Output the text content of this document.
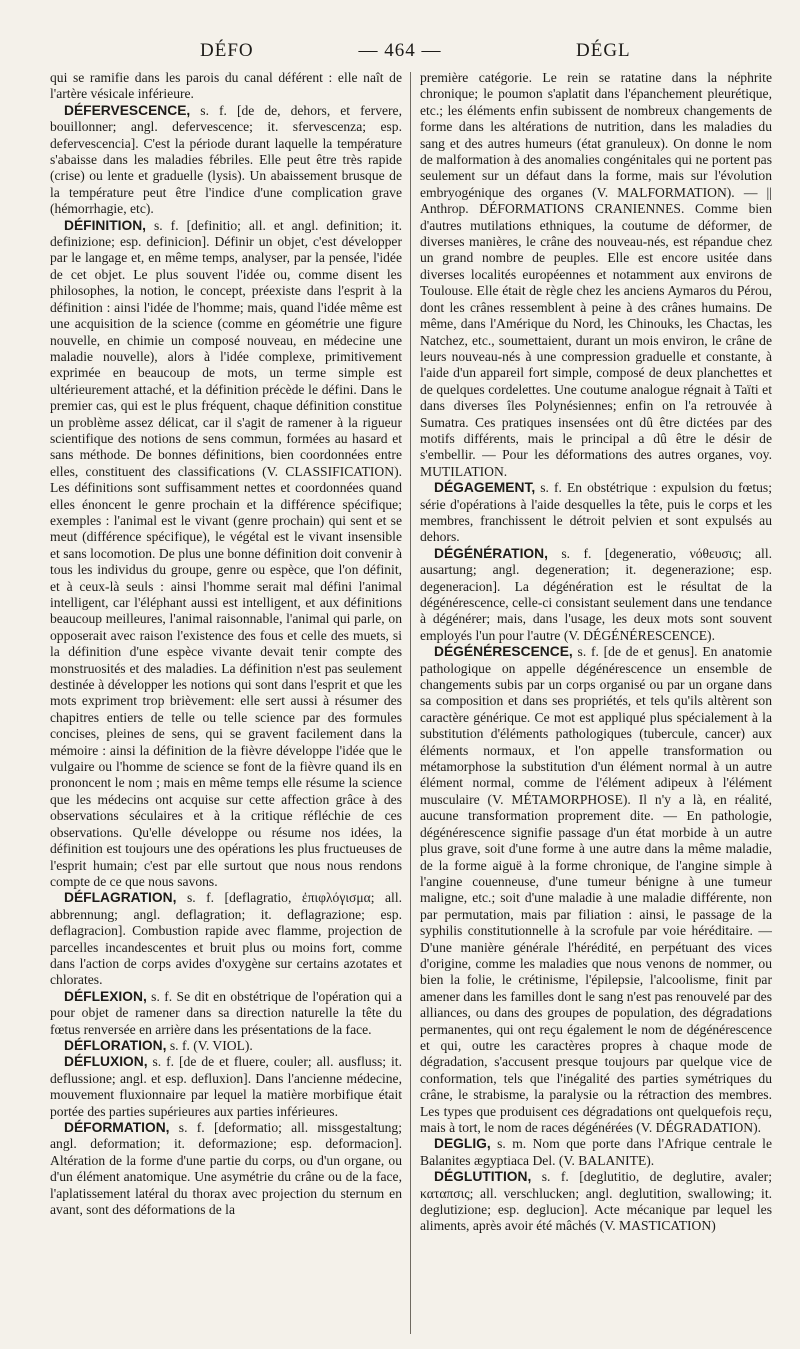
DÉFO	— 464 —	DÉGL

qui se ramifie dans les parois du canal déférent : elle naît de l'artère vésicale inférieure.

DÉFERVESCENCE, s. f. [de de, dehors, et fervere, bouillonner; angl. defervescence; it. sfervescenza; esp. defervescencia]. C'est la période durant laquelle la température s'abaisse dans les maladies fébriles. Elle peut être très rapide (crise) ou lente et graduelle (lysis). Un abaissement brusque de la température peut être l'indice d'une complication grave (hémorrhagie, etc).

DÉFINITION, s. f. [definitio; all. et angl. definition; it. definizione; esp. definicion]. Définir un objet, c'est développer par le langage et, en même temps, analyser, par la pensée, l'idée de cet objet. Le plus souvent l'idée ou, comme disent les philosophes, la notion, le concept, préexiste dans l'esprit à la définition : ainsi l'idée de l'homme; mais, quand l'idée même est une acquisition de la science (comme en géométrie une figure nouvelle, en chimie un composé nouveau, en médecine une maladie nouvelle), alors à l'idée complexe, primitivement exprimée en beaucoup de mots, un terme simple est ultérieurement attaché, et la définition précède le défini. Dans le premier cas, qui est le plus fréquent, chaque définition constitue un problème assez délicat, car il s'agit de ramener à la rigueur scientifique des notions de sens commun, formées au hasard et sans méthode. De bonnes définitions, bien coordonnées entre elles, constituent des classifications (V. CLASSIFICATION). Les définitions sont suffisamment nettes et coordonnées quand elles énoncent le genre prochain et la différence spécifique; exemples : l'animal est le vivant (genre prochain) qui sent et se meut (différence spécifique), le végétal est le vivant insensible et sans locomotion. De plus une bonne définition doit convenir à tous les individus du groupe, genre ou espèce, que l'on définit, et à ceux-là seuls : ainsi l'homme serait mal défini l'animal intelligent, car l'éléphant aussi est intelligent, et aux définitions beaucoup meilleures, l'animal raisonnable, l'animal qui parle, on opposerait avec raison l'existence des fous et celle des muets, si la définition d'une espèce vivante devait tenir compte des monstruosités et des maladies. La définition n'est pas seulement destinée à développer les notions qui sont dans l'esprit et que les mots expriment trop brièvement: elle sert aussi à résumer des chapitres entiers de telle ou telle science par des formules concises, pleines de sens, qui se gravent facilement dans la mémoire : ainsi la définition de la fièvre développe l'idée que le vulgaire ou l'homme de science se font de la fièvre quand ils en prononcent le nom ; mais en même temps elle résume la science que les médecins ont acquise sur cette affection grâce à des observations séculaires et à la critique réfléchie de ces observations. Qu'elle développe ou résume nos idées, la définition est toujours une des opérations les plus fructueuses de l'esprit humain; c'est par elle surtout que nous nous rendons compte de ce que nous savons.

DÉFLAGRATION, s. f. [deflagratio, ἐπιφλόγισμα; all. abbrennung; angl. deflagration; it. deflagrazione; esp. deflagracion]. Combustion rapide avec flamme, projection de parcelles incandescentes et bruit plus ou moins fort, comme dans l'action de corps avides d'oxygène sur certains azotates et chlorates.

DÉFLEXION, s. f. Se dit en obstétrique de l'opération qui a pour objet de ramener dans sa direction naturelle la tête du fœtus renversée en arrière dans les présentations de la face.

DÉFLORATION, s. f. (V. VIOL).

DÉFLUXION, s. f. [de de et fluere, couler; all. ausfluss; it. deflussione; angl. et esp. defluxion]. Dans l'ancienne médecine, mouvement fluxionnaire par lequel la matière morbifique était portée des parties supérieures aux parties inférieures.

DÉFORMATION, s. f. [deformatio; all. missgestaltung; angl. deformation; it. deformazione; esp. deformacion]. Altération de la forme d'une partie du corps, ou d'un organe, ou d'un élément anatomique. Une asymétrie du crâne ou de la face, l'aplatissement latéral du thorax avec projection du sternum en avant, sont des déformations de la

première catégorie. Le rein se ratatine dans la néphrite chronique; le poumon s'aplatit dans l'épanchement pleurétique, etc.; les éléments enfin subissent de nombreux changements de forme dans les altérations de nutrition, dans les maladies du sang et des autres humeurs (état granuleux). On donne le nom de malformation à des anomalies congénitales qui ne portent pas seulement sur un défaut dans la forme, mais sur l'évolution embryogénique des organes (V. MALFORMATION). — || Anthrop. DÉFORMATIONS CRANIENNES. Comme bien d'autres mutilations ethniques, la coutume de déformer, de diverses manières, le crâne des nouveau-nés, est répandue chez un grand nombre de peuples. Elle est encore usitée dans diverses localités européennes et notamment aux environs de Toulouse. Elle était de règle chez les anciens Aymaros du Pérou, dont les crânes ressemblent à peine à des crânes humains. De même, dans l'Amérique du Nord, les Chinouks, les Chactas, les Natchez, etc., soumettaient, durant un mois environ, le crâne de leurs nouveau-nés à une compression graduelle et constante, à l'aide d'un appareil fort simple, composé de deux planchettes et de quelques cordelettes. Une coutume analogue régnait à Taïti et dans diverses îles Polynésiennes; enfin on l'a retrouvée à Sumatra. Ces pratiques insensées ont dû être dictées par des motifs différents, mais le principal a dû être le désir de s'embellir. — Pour les déformations des autres organes, voy. MUTILATION.

DÉGAGEMENT, s. f. En obstétrique : expulsion du fœtus; série d'opérations à l'aide desquelles la tête, puis le corps et les membres, franchissent le détroit pelvien et sont expulsés au dehors.

DÉGÉNÉRATION, s. f. [degeneratio, νόθευσις; all. ausartung; angl. degeneration; it. degenerazione; esp. degeneracion]. La dégénération est le résultat de la dégénérescence, celle-ci consistant seulement dans une tendance à dégénérer; mais, dans l'usage, les deux mots sont souvent employés l'un pour l'autre (V. DÉGÉNÉRESCENCE).

DÉGÉNÉRESCENCE, s. f. [de de et genus]. En anatomie pathologique on appelle dégénérescence un ensemble de changements subis par un corps organisé ou par un organe dans sa composition et dans ses propriétés, et tels qu'ils altèrent son caractère générique. Ce mot est appliqué plus spécialement à la substitution d'éléments pathologiques (tubercule, cancer) aux éléments normaux, et l'on appelle transformation ou métamorphose la substitution d'un élément normal à un autre élément normal, comme de l'élément adipeux à l'élément musculaire (V. MÉTAMORPHOSE). Il n'y a là, en réalité, aucune transformation proprement dite. — En pathologie, dégénérescence signifie passage d'un état morbide à un autre plus grave, soit d'une forme à une autre dans la même maladie, de la forme aiguë à la forme chronique, de l'angine simple à l'angine couenneuse, d'une tumeur bénigne à une tumeur maligne, etc.; soit d'une maladie à une maladie différente, non par permutation, mais par filiation : ainsi, le passage de la syphilis constitutionnelle à la scrofule par voie héréditaire. — D'une manière générale l'hérédité, en perpétuant des vices d'origine, comme les maladies que nous venons de nommer, ou bien la folie, le crétinisme, l'épilepsie, l'alcoolisme, finit par amener dans les familles dont le sang n'est pas renouvelé par des alliances, ou dans des groupes de population, des dégradations permanentes, qui ont reçu également le nom de dégénérescence et qui, outre les caractères propres à chaque mode de dégradation, s'accusent presque toujours par quelque vice de conformation, tels que l'inégalité des parties symétriques du crâne, le strabisme, la paralysie ou la rétraction des membres. Les types que produisent ces dégradations ont quelquefois reçu, mais à tort, le nom de races dégénérées (V. DÉGRADATION).

DEGLIG, s. m. Nom que porte dans l'Afrique centrale le Balanites ægyptiaca Del. (V. BALANITE).

DÉGLUTITION, s. f. [deglutitio, de deglutire, avaler; καταπσις; all. verschlucken; angl. deglutition, swallowing; it. deglutizione; esp. deglucion]. Acte mécanique par lequel les aliments, après avoir été mâchés (V. MASTICATION)
